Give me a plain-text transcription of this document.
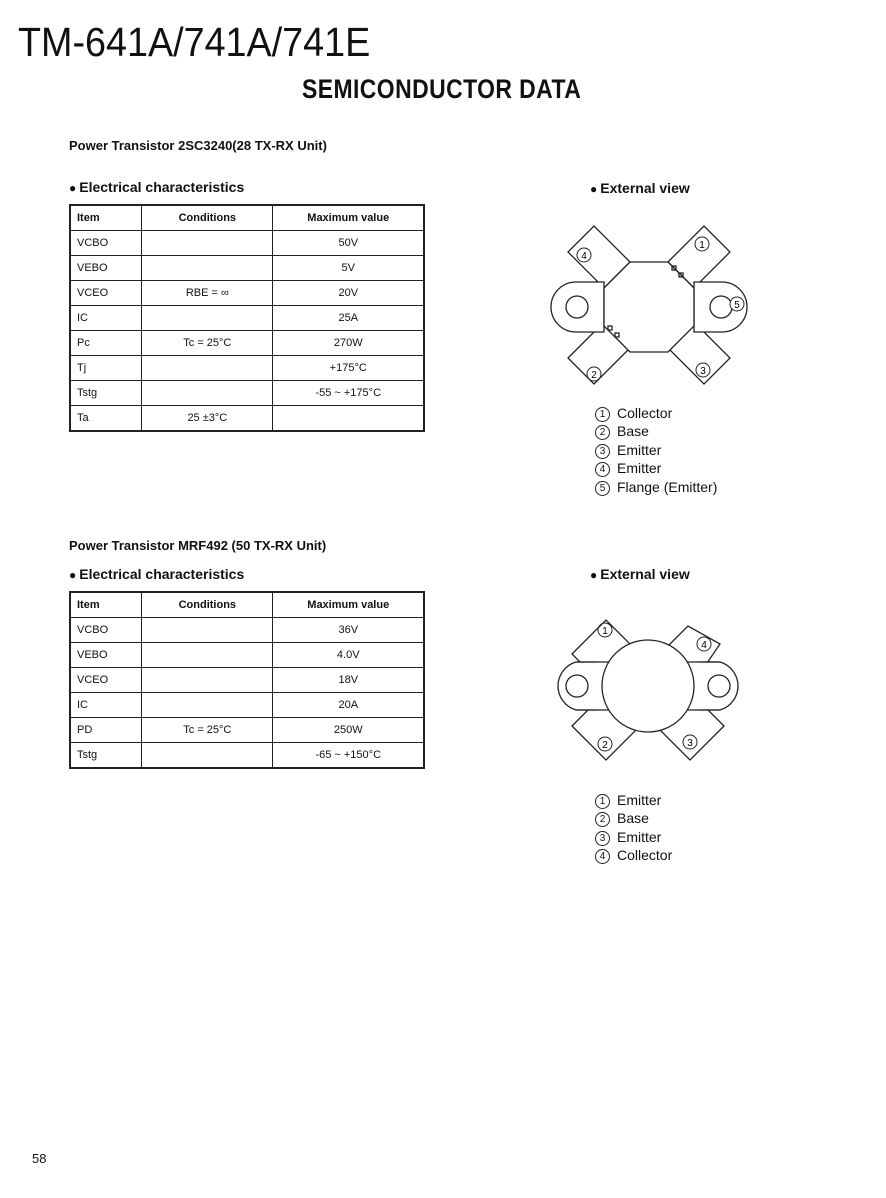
TM-641A/741A/741E
SEMICONDUCTOR DATA
Power Transistor 2SC3240(28 TX-RX Unit)
● Electrical characteristics	● External view
Item	Conditions	Maximum value
VCBO		50V
VEBO		5V
VCEO	RBE = ∞	20V
IC		25A
Pc	Tc = 25°C	270W
Tj		+175°C
Tstg		-55 ~ +175°C
Ta	25 ±3°C	
4
1
2	3
5
1 Collector
2 Base
3 Emitter
4 Emitter
5 Flange (Emitter)
Power Transistor MRF492 (50 TX-RX Unit)
● Electrical characteristics	● External view
Item	Conditions	Maximum value
VCBO		36V
VEBO		4.0V
VCEO		18V
IC		20A
PD	Tc = 25°C	250W
Tstg		-65 ~ +150°C
1
4
2	3
1 Emitter
2 Base
3 Emitter
4 Collector
58
